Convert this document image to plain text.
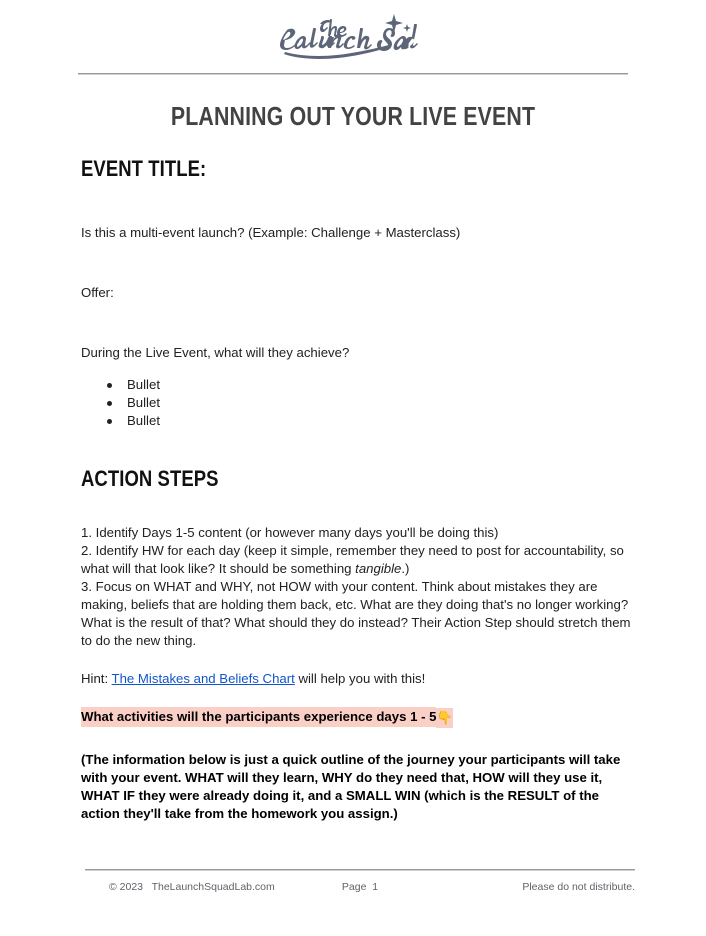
PLANNING OUT YOUR LIVE EVENT
EVENT TITLE:

Is this a multi-event launch? (Example: Challenge + Masterclass)

Offer:

During the Live Event, what will they achieve?

Bullet
Bullet
Bullet
ACTION STEPS

1. Identify Days 1-5 content (or however many days you'll be doing this)

2. Identify HW for each day (keep it simple, remember they need to post for accountability, so what will that look like? It should be something tangible.)

3. Focus on WHAT and WHY, not HOW with your content. Think about mistakes they are making, beliefs that are holding them back, etc. What are they doing that's no longer working? What is the result of that? What should they do instead? Their Action Step should stretch them to do the new thing.

Hint: The Mistakes and Beliefs Chart will help you with this!

What activities will the participants experience days 1 - 5👇

(The information below is just a quick outline of the journey your participants will take with your event. WHAT will they learn, WHY do they need that, HOW will they use it, WHAT IF they were already doing it, and a SMALL WIN (which is the RESULT of the action they'll take from the homework you assign.)

© 2023   TheLaunchSquadLab.com	Page  1	Please do not distribute.
